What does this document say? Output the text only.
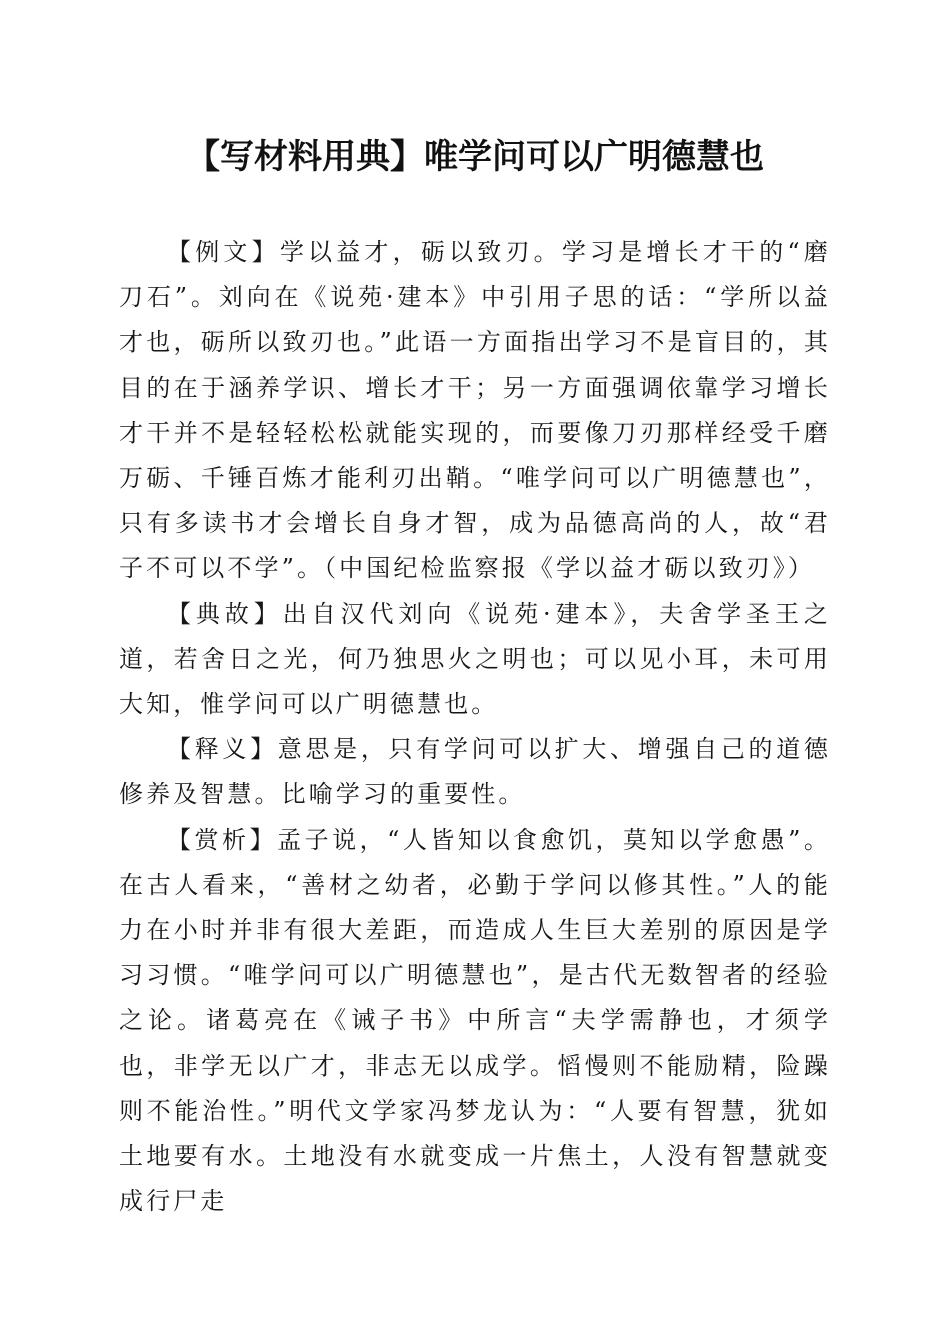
【写材料用典】唯学问可以广明德慧也

【例文】学以益才，砺以致刃。学习是增长才干的“磨刀石”。刘向在《说苑·建本》中引用子思的话：“学所以益才也，砺所以致刃也。”此语一方面指出学习不是盲目的，其目的在于涵养学识、增长才干；另一方面强调依靠学习增长才干并不是轻轻松松就能实现的，而要像刀刃那样经受千磨万砺、千锤百炼才能利刃出鞘。“唯学问可以广明德慧也”，只有多读书才会增长自身才智，成为品德高尚的人，故“君子不可以不学”。（中国纪检监察报《学以益才砺以致刃》）

【典故】出自汉代刘向《说苑·建本》，夫舍学圣王之道，若舍日之光，何乃独思火之明也；可以见小耳，未可用大知，惟学问可以广明德慧也。

【释义】意思是，只有学问可以扩大、增强自己的道德修养及智慧。比喻学习的重要性。

【赏析】孟子说，“人皆知以食愈饥，莫知以学愈愚”。在古人看来，“善材之幼者，必勤于学问以修其性。”人的能力在小时并非有很大差距，而造成人生巨大差别的原因是学习习惯。“唯学问可以广明德慧也”，是古代无数智者的经验之论。诸葛亮在《诫子书》中所言“夫学需静也，才须学也，非学无以广才，非志无以成学。慆慢则不能励精，险躁则不能治性。”明代文学家冯梦龙认为：“人要有智慧，犹如土地要有水。土地没有水就变成一片焦土，人没有智慧就变成行尸走
